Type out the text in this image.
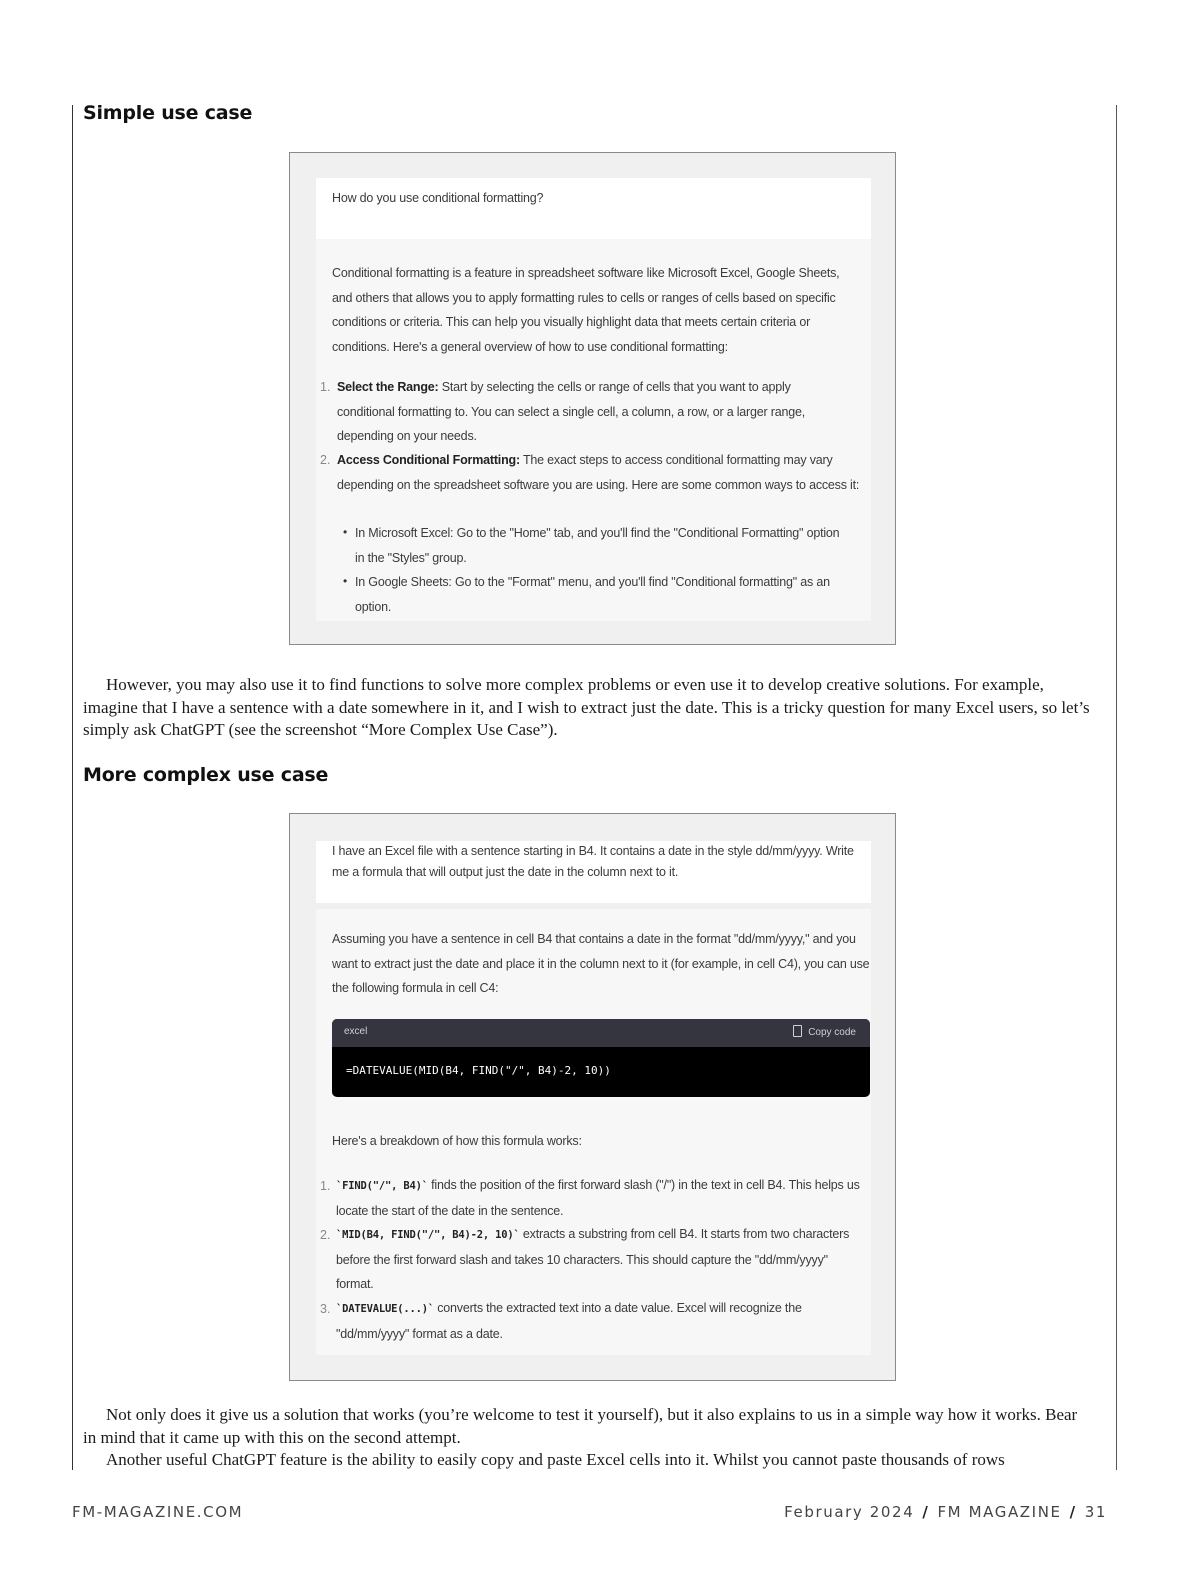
Simple use case
How do you use conditional formatting?
Conditional formatting is a feature in spreadsheet software like Microsoft Excel, Google Sheets, and others that allows you to apply formatting rules to cells or ranges of cells based on specific conditions or criteria. This can help you visually highlight data that meets certain criteria or conditions. Here's a general overview of how to use conditional formatting:
1. Select the Range: Start by selecting the cells or range of cells that you want to apply conditional formatting to. You can select a single cell, a column, a row, or a larger range, depending on your needs.
2. Access Conditional Formatting: The exact steps to access conditional formatting may vary depending on the spreadsheet software you are using. Here are some common ways to access it:
• In Microsoft Excel: Go to the "Home" tab, and you'll find the "Conditional Formatting" option in the "Styles" group.
• In Google Sheets: Go to the "Format" menu, and you'll find "Conditional formatting" as an option.

However, you may also use it to find functions to solve more complex problems or even use it to develop creative solutions. For example, imagine that I have a sentence with a date somewhere in it, and I wish to extract just the date. This is a tricky question for many Excel users, so let’s simply ask ChatGPT (see the screenshot “More Complex Use Case”).

More complex use case
I have an Excel file with a sentence starting in B4. It contains a date in the style dd/mm/yyyy. Write me a formula that will output just the date in the column next to it.
Assuming you have a sentence in cell B4 that contains a date in the format "dd/mm/yyyy," and you want to extract just the date and place it in the column next to it (for example, in cell C4), you can use the following formula in cell C4:
excel	Copy code
=DATEVALUE(MID(B4, FIND("/", B4)-2, 10))
Here's a breakdown of how this formula works:
1. `FIND("/", B4)` finds the position of the first forward slash ("/") in the text in cell B4. This helps us locate the start of the date in the sentence.
2. `MID(B4, FIND("/", B4)-2, 10)` extracts a substring from cell B4. It starts from two characters before the first forward slash and takes 10 characters. This should capture the "dd/mm/yyyy" format.
3. `DATEVALUE(...)` converts the extracted text into a date value. Excel will recognize the "dd/mm/yyyy" format as a date.

Not only does it give us a solution that works (you’re welcome to test it yourself), but it also explains to us in a simple way how it works. Bear in mind that it came up with this on the second attempt.

Another useful ChatGPT feature is the ability to easily copy and paste Excel cells into it. Whilst you cannot paste thousands of rows

FM-MAGAZINE.COM	February 2024 / FM MAGAZINE / 31
